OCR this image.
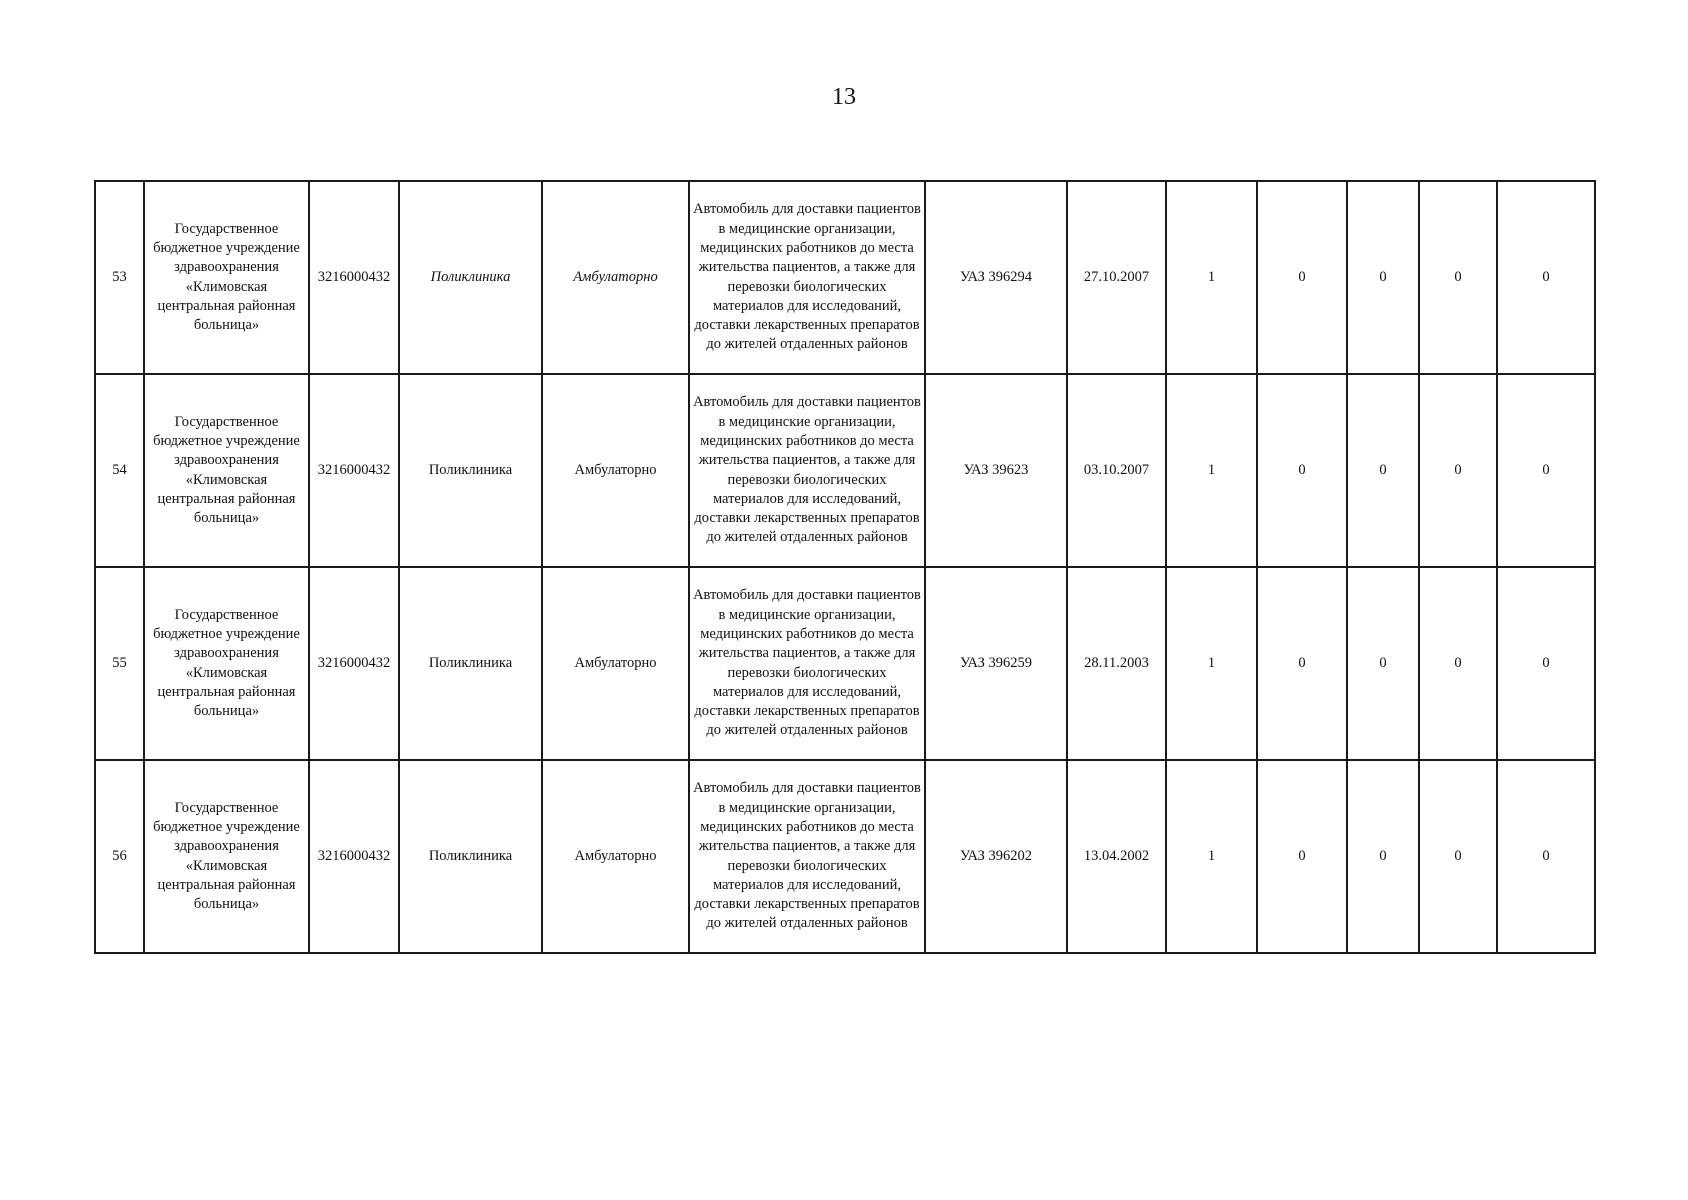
13
53	Государственное бюджетное учреждение здравоохранения «Климовская центральная районная больница»	3216000432	Поликлиника	Амбулаторно	Автомобиль для доставки пациентов в медицинские организации, медицинских работников до места жительства пациентов, а также для перевозки биологических материалов для исследований, доставки лекарственных препаратов до жителей отдаленных районов	УАЗ 396294	27.10.2007	1	0	0	0	0
54	Государственное бюджетное учреждение здравоохранения «Климовская центральная районная больница»	3216000432	Поликлиника	Амбулаторно	Автомобиль для доставки пациентов в медицинские организации, медицинских работников до места жительства пациентов, а также для перевозки биологических материалов для исследований, доставки лекарственных препаратов до жителей отдаленных районов	УАЗ 39623	03.10.2007	1	0	0	0	0
55	Государственное бюджетное учреждение здравоохранения «Климовская центральная районная больница»	3216000432	Поликлиника	Амбулаторно	Автомобиль для доставки пациентов в медицинские организации, медицинских работников до места жительства пациентов, а также для перевозки биологических материалов для исследований, доставки лекарственных препаратов до жителей отдаленных районов	УАЗ 396259	28.11.2003	1	0	0	0	0
56	Государственное бюджетное учреждение здравоохранения «Климовская центральная районная больница»	3216000432	Поликлиника	Амбулаторно	Автомобиль для доставки пациентов в медицинские организации, медицинских работников до места жительства пациентов, а также для перевозки биологических материалов для исследований, доставки лекарственных препаратов до жителей отдаленных районов	УАЗ 396202	13.04.2002	1	0	0	0	0
